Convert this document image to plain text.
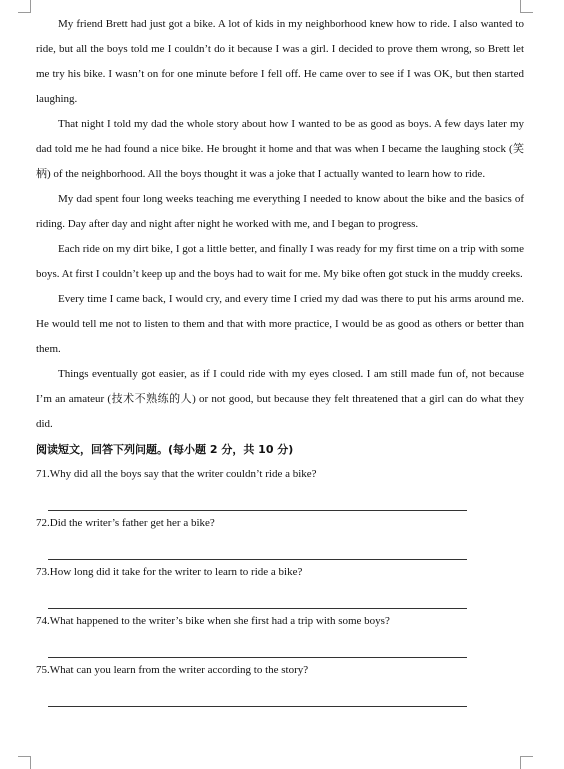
My friend Brett had just got a bike. A lot of kids in my neighborhood knew how to ride. I also wanted to ride, but all the boys told me I couldn’t do it because I was a girl. I decided to prove them wrong, so Brett let me try his bike. I wasn’t on for one minute before I fell off. He came over to see if I was OK, but then started laughing.

That night I told my dad the whole story about how I wanted to be as good as boys. A few days later my dad told me he had found a nice bike. He brought it home and that was when I became the laughing stock (笑柄) of the neighborhood. All the boys thought it was a joke that I actually wanted to learn how to ride.

My dad spent four long weeks teaching me everything I needed to know about the bike and the basics of riding. Day after day and night after night he worked with me, and I began to progress.

Each ride on my dirt bike, I got a little better, and finally I was ready for my first time on a trip with some boys. At first I couldn’t keep up and the boys had to wait for me. My bike often got stuck in the muddy creeks.

Every time I came back, I would cry, and every time I cried my dad was there to put his arms around me. He would tell me not to listen to them and that with more practice, I would be as good as others or better than them.

Things eventually got easier, as if I could ride with my eyes closed. I am still made fun of, not because I’m an amateur (技术不熟练的人) or not good, but because they felt threatened that a girl can do what they did.

阅读短文，回答下列问题。(每小题 2 分，共 10 分)

71.Why did all the boys say that the writer couldn’t ride a bike?

72.Did the writer’s father get her a bike?

73.How long did it take for the writer to learn to ride a bike?

74.What happened to the writer’s bike when she first had a trip with some boys?

75.What can you learn from the writer according to the story?
